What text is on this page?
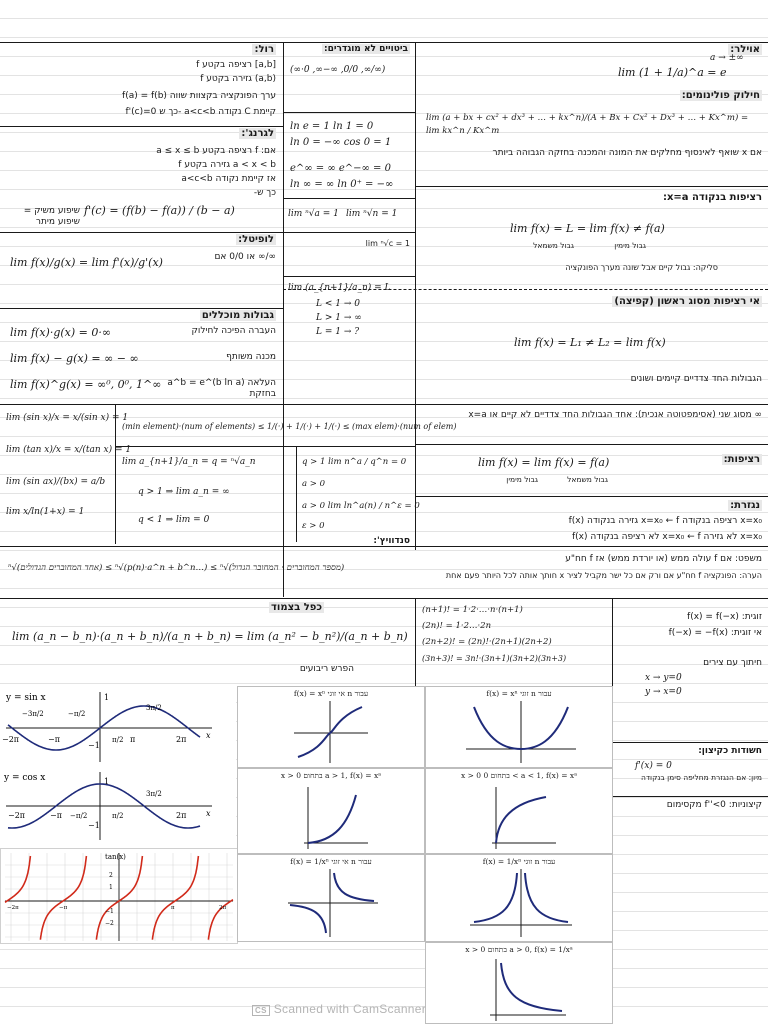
רול:
f רציפה בקטע [a,b]
f גזירה בקטע (a,b)
f(a) = f(b) ערך הפונקציה בקצוות שווה
f'(c)=0 כך ש- a<c<b נקודה C קיימת
לגרנג':
אם: f רציפה בקטע a ≤ x ≤ b
f גזירה בקטע a < x < b
אז קיימת נקודה a<c<b
כך ש-
f'(c) = (f(b) − f(a)) / (b − a)
שיפוע משיק = שיפוע מיתר
לופיטל:
∞/∞ או 0/0 אם
lim f(x)/g(x) = lim f'(x)/g'(x)
גבולות מוכללים
lim f(x)·g(x) = 0·∞
lim f(x) − g(x) = ∞ − ∞
lim f(x)^g(x) = ∞⁰, 0⁰, 1^∞
העברה הפיכה לחילוק
מכנה משותף
a^b = e^(b ln a) העלאה בחזקת
ביטויים לא מוגדרים:
(∞·0 ,∞−∞ ,0/0 ,∞/∞)
ln e = 1 ln 1 = 0
ln 0 = −∞ cos 0 = 1
e^∞ = ∞ e^−∞ = 0
ln ∞ = ∞ ln 0⁺ = −∞
lim ⁿ√a = 1 lim ⁿ√n = 1
lim ⁿ√c = 1
lim (a_{n+1}/a_n) = L
L < 1 → 0
L > 1 → ∞
L = 1 → ?
אוילר:
lim (1 + 1/a)^a = e
a → ±∞
חילוק פולינומים:
lim (a + bx + cx² + dx³ + … + kx^n)/(A + Bx + Cx² + Dx³ + … + Kx^m) = lim kx^n / Kx^m
אם x שואף לאינסוף מחלקים את המונה והמכנה בחזקה הגבוהה ביותר
רציפות בנקודה x=a:
lim f(x) = L = lim f(x) ≠ f(a)
גבול משמאל	גבול מימין
סליקה: גבול קיים אבל שונה מערך הפונקציה
אי רציפות מסוג ראשון (קפיצה)
lim f(x) = L₁ ≠ L₂ = lim f(x)
הגבולות החד צדדיים קיימים ושונים
x=a מסוג שני (אסימפטוטה אנכית): אחד הגבולות החד צדדיים לא קיים או ∞
רציפות:
lim f(x) = lim f(x) = f(a)
גבול מימין	גבול משמאל
נגזרת:
f(x) גזירה בנקודה x=x₀ ← f רציפה בנקודה x=x₀
f(x) לא רציפה בנקודה x=x₀ ← f לא גזירה x=x₀
lim (sin x)/x = x/(sin x) = 1
lim (tan x)/x = x/(tan x) = 1
lim (sin ax)/(bx) = a/b
lim x/ln(1+x) = 1
(min element)·(num of elements) ≤ 1/(·) + 1/(·) + 1/(·) ≤ (max elem)·(num of elem)
lim a_{n+1}/a_n = q = ⁿ√a_n
q > 1 ⇒ lim a_n = ∞
q < 1 ⇒ lim = 0
q > 1 lim n^a / q^n = 0
a > 0
a > 0 lim ln^a(n) / n^ε = 0
ε > 0
סנדוויץ':
ⁿ√(אחד המחוברים הגדולים) ≤ ⁿ√(p(n)·a^n + b^n…) ≤ ⁿ√(מספר המחוברים · המחובר הגדול)
משפט: אם f עולה ממש (או יורדת ממש) אז f חח"ע
הערה: הפונקציה f חח"ע אם ורק אם כל ישר מקביל לציר x חותך אותה לכל היותר פעם אחת
כפל בצמוד
lim (a_n − b_n)·(a_n + b_n)/(a_n + b_n) = lim (a_n² − b_n²)/(a_n + b_n)
הפרש ריבועים
(n+1)! = 1·2·…·n·(n+1)
(2n)! = 1·2…·2n
(2n+2)! = (2n)!·(2n+1)(2n+2)
(3n+3)! = 3n!·(3n+1)(3n+2)(3n+3)
זוגית: f(x) = f(−x)
אי זוגית: f(−x) = −f(x)
חיתוך עם צירים
x → y=0
y → x=0
חשודות כקיצון:
f'(x) = 0
מיון: אם הנגזרת מחליפה סימן בנקודה
קיצוניות: f''<0 מקסימום
y = sin x	1
−1
−2π
−3π/2
−π
−π/2
π/2 π
3π/2
2π x
y = cos x	1
−1
−2π	−π −π/2	π/2
3π/2
2π x
tan(x)
2
1
−1
−2
−2π	−π	π	2π
עבור n אי זוגי f(x) = xⁿ	עבור n זוגי f(x) = xⁿ
x > 0 בתחום a > 1, f(x) = xᵃ	x > 0 בתחום 0 < a < 1, f(x) = xᵃ
עבור n אי זוגי f(x) = 1/xⁿ	עבור n זוגי f(x) = 1/xⁿ
x > 0 בתחום a > 0, f(x) = 1/xᵃ
CS Scanned with CamScanner
